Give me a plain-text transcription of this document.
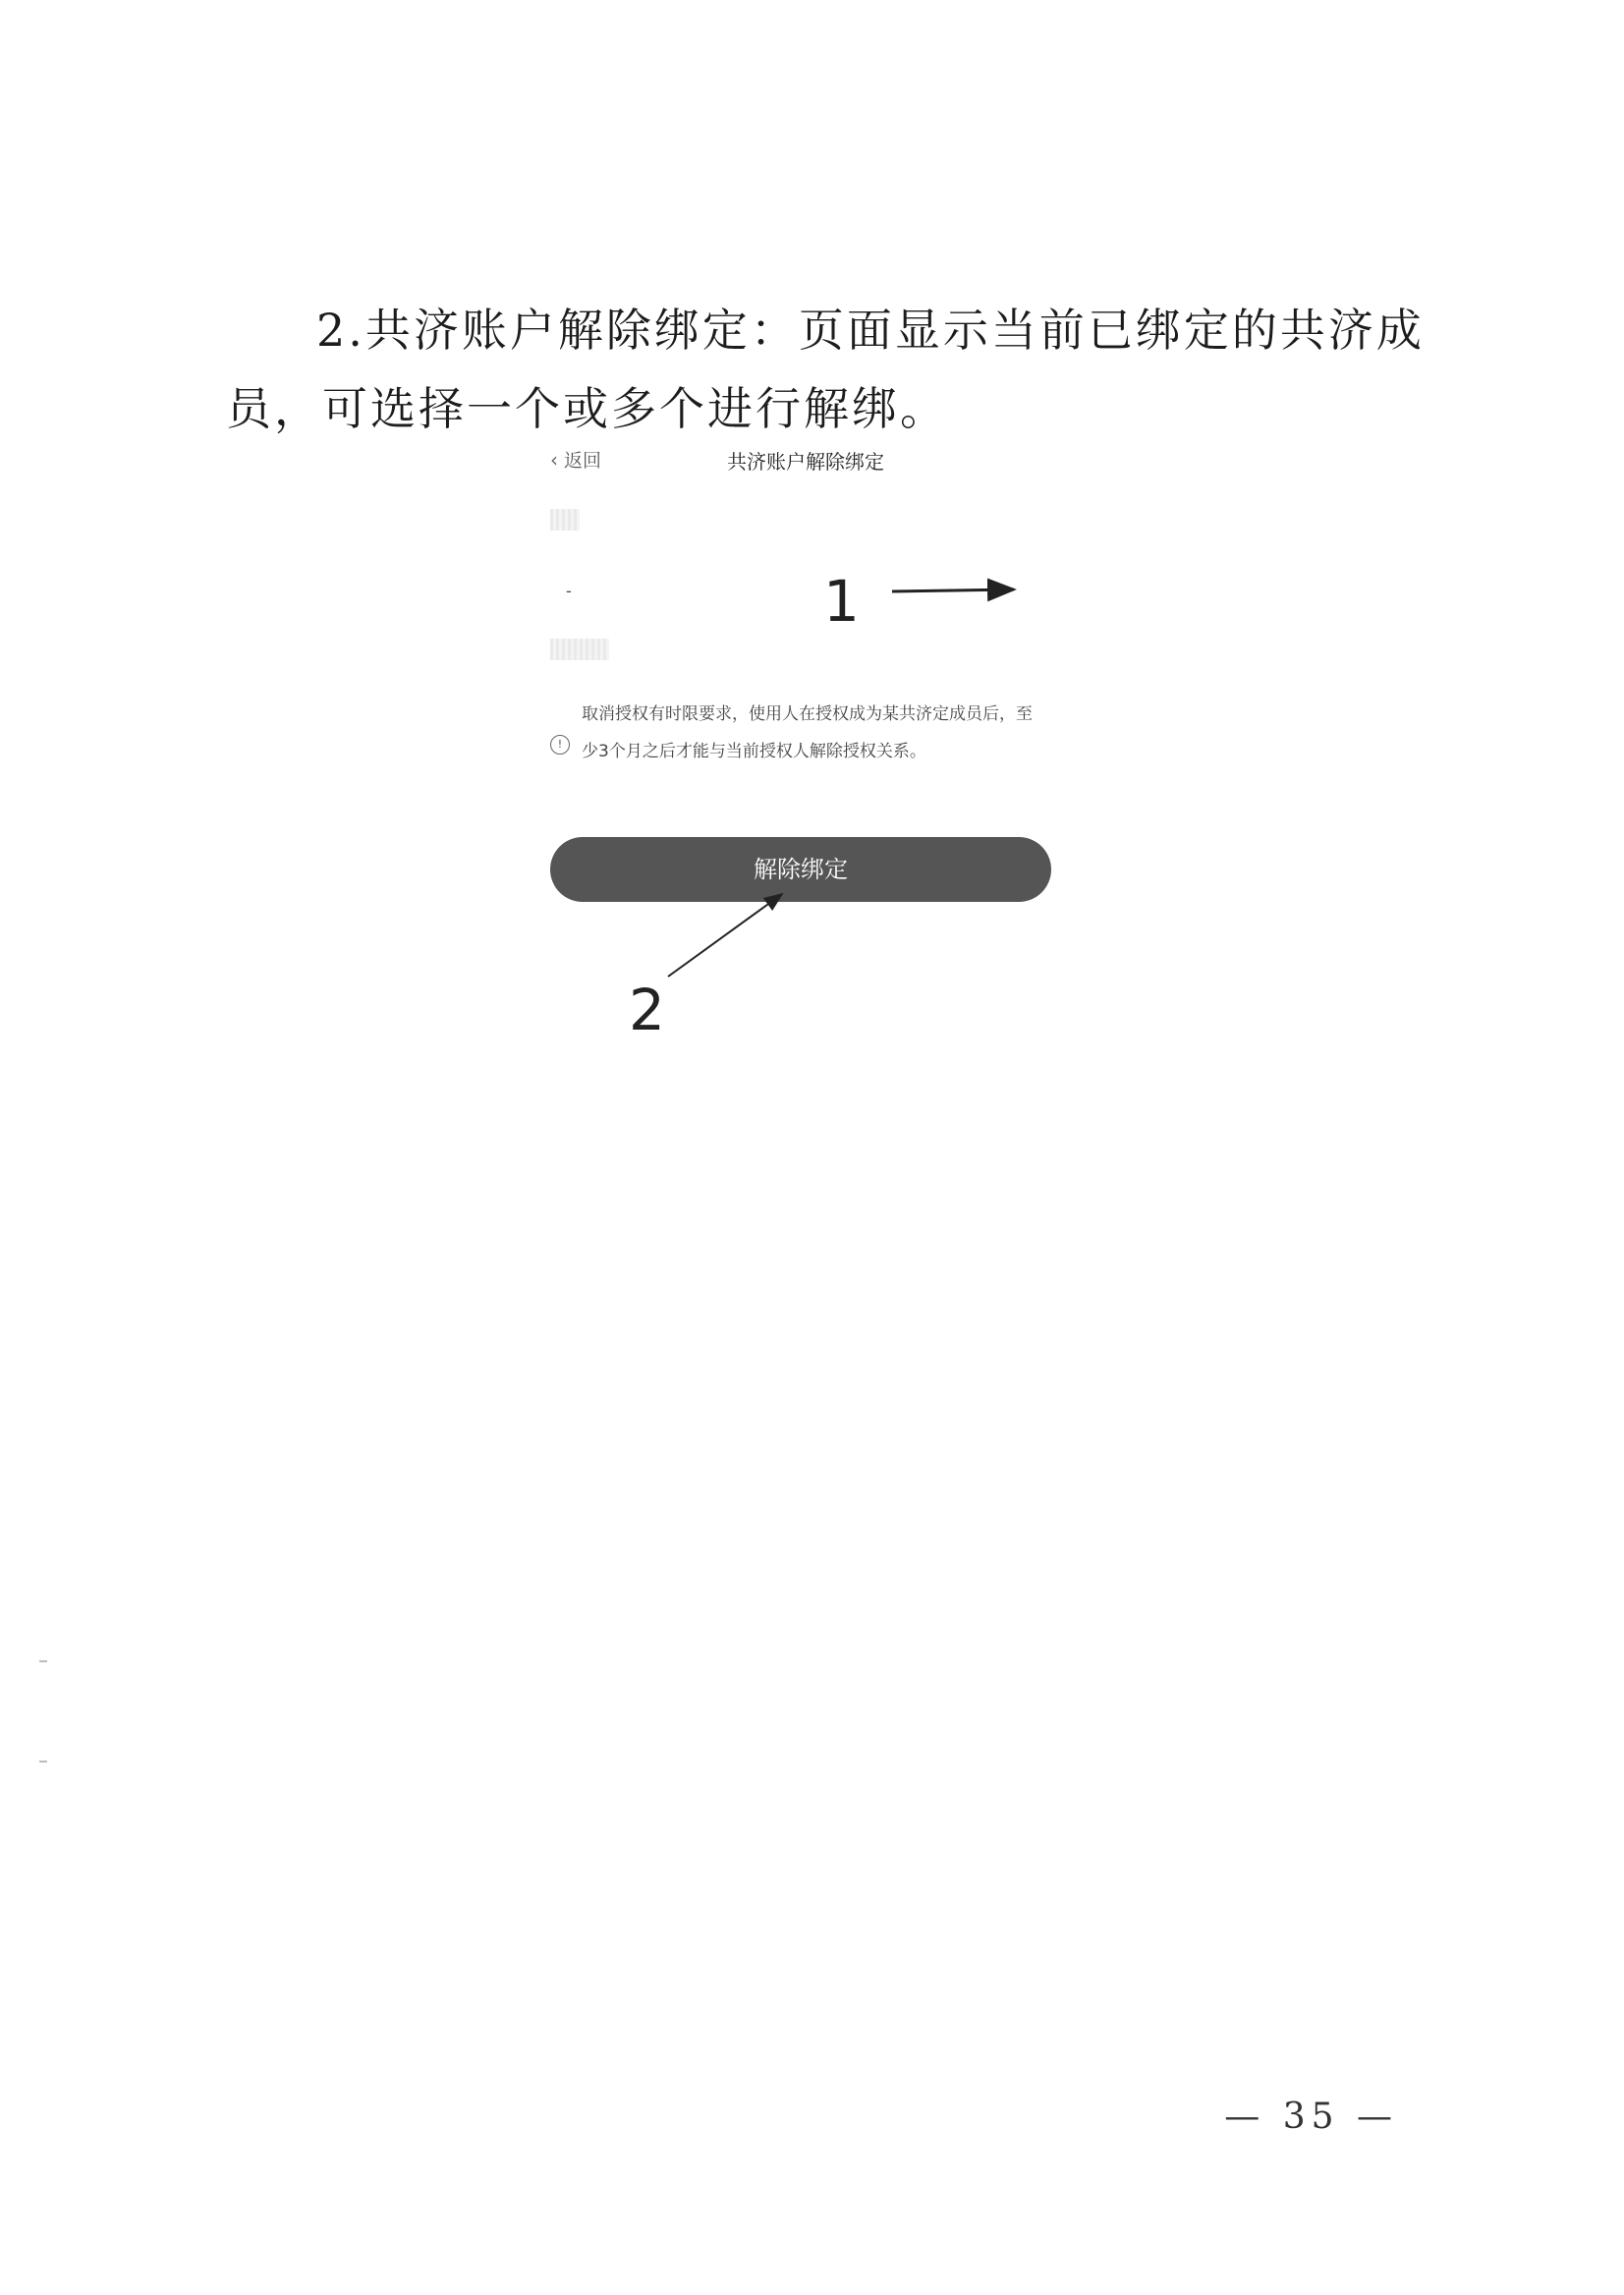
2.共济账户解除绑定：页面显示当前已绑定的共济成员，可选择一个或多个进行解绑。
‹ 返回	共济账户解除绑定
-
!
取消授权有时限要求，使用人在授权成为某共济定成员后，至少3个月之后才能与当前授权人解除授权关系。
解除绑定
1
2
— 35 —
